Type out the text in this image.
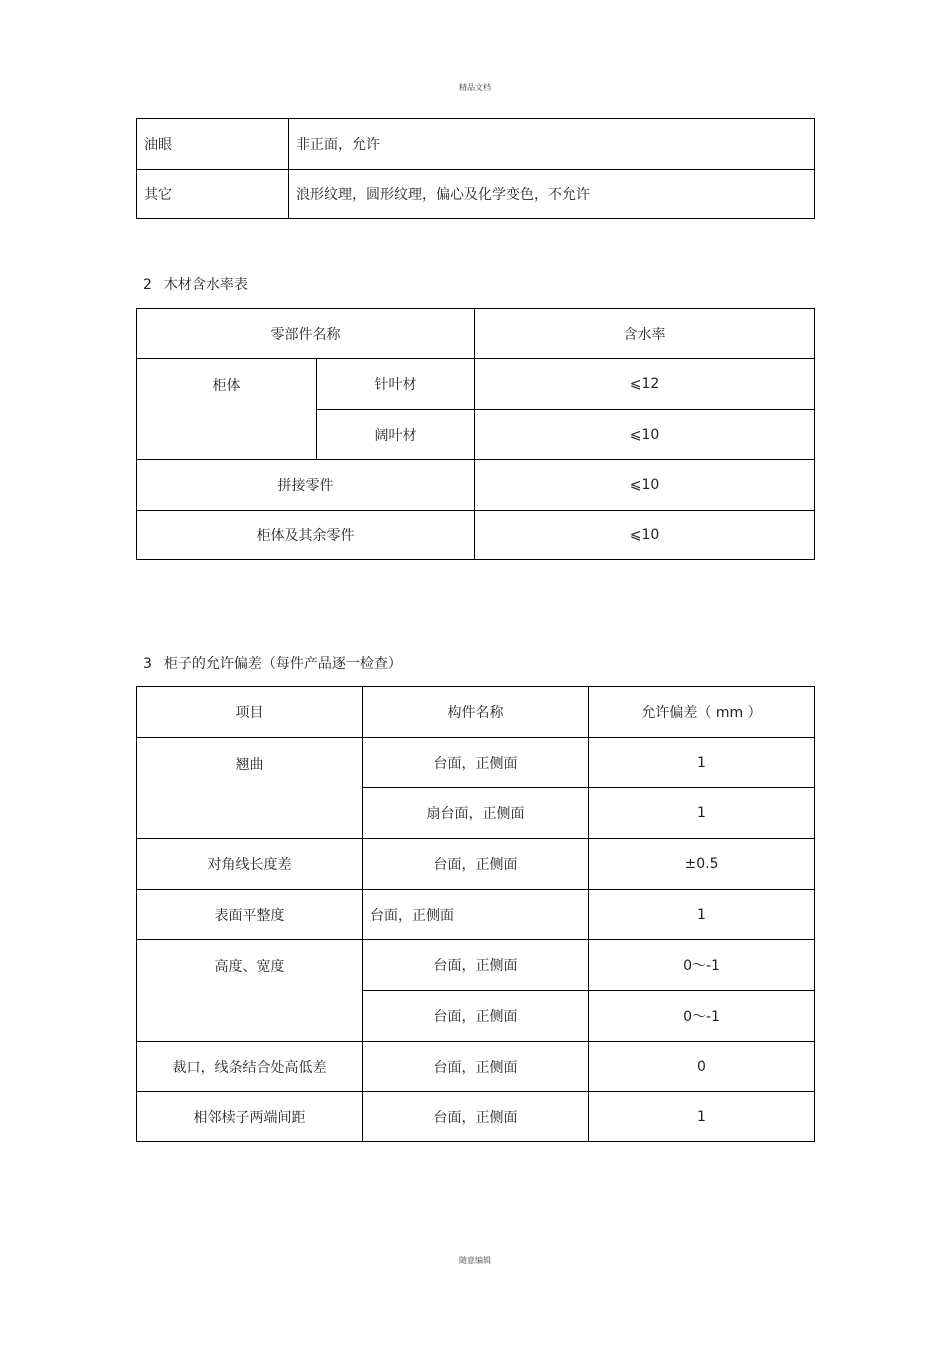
精品文档
油眼	非正面，允许
其它	浪形纹理，圆形纹理，偏心及化学变色，不允许
2 木材含水率表
零部件名称		含水率
柜体	针叶材	⩽12
	阔叶材	⩽10
拼接零件		⩽10
柜体及其余零件		⩽10
3 柜子的允许偏差（每件产品逐一检查）
项目	构件名称	允许偏差（ mm ）
翘曲	台面，正侧面	1
	扇台面，正侧面	1
对角线长度差	台面，正侧面	±0.5
表面平整度	台面，正侧面	1
高度、宽度	台面，正侧面	0～-1
	台面，正侧面	0～-1
裁口，线条结合处高低差	台面，正侧面	0
相邻椟子两端间距	台面，正侧面	1
随意编辑
